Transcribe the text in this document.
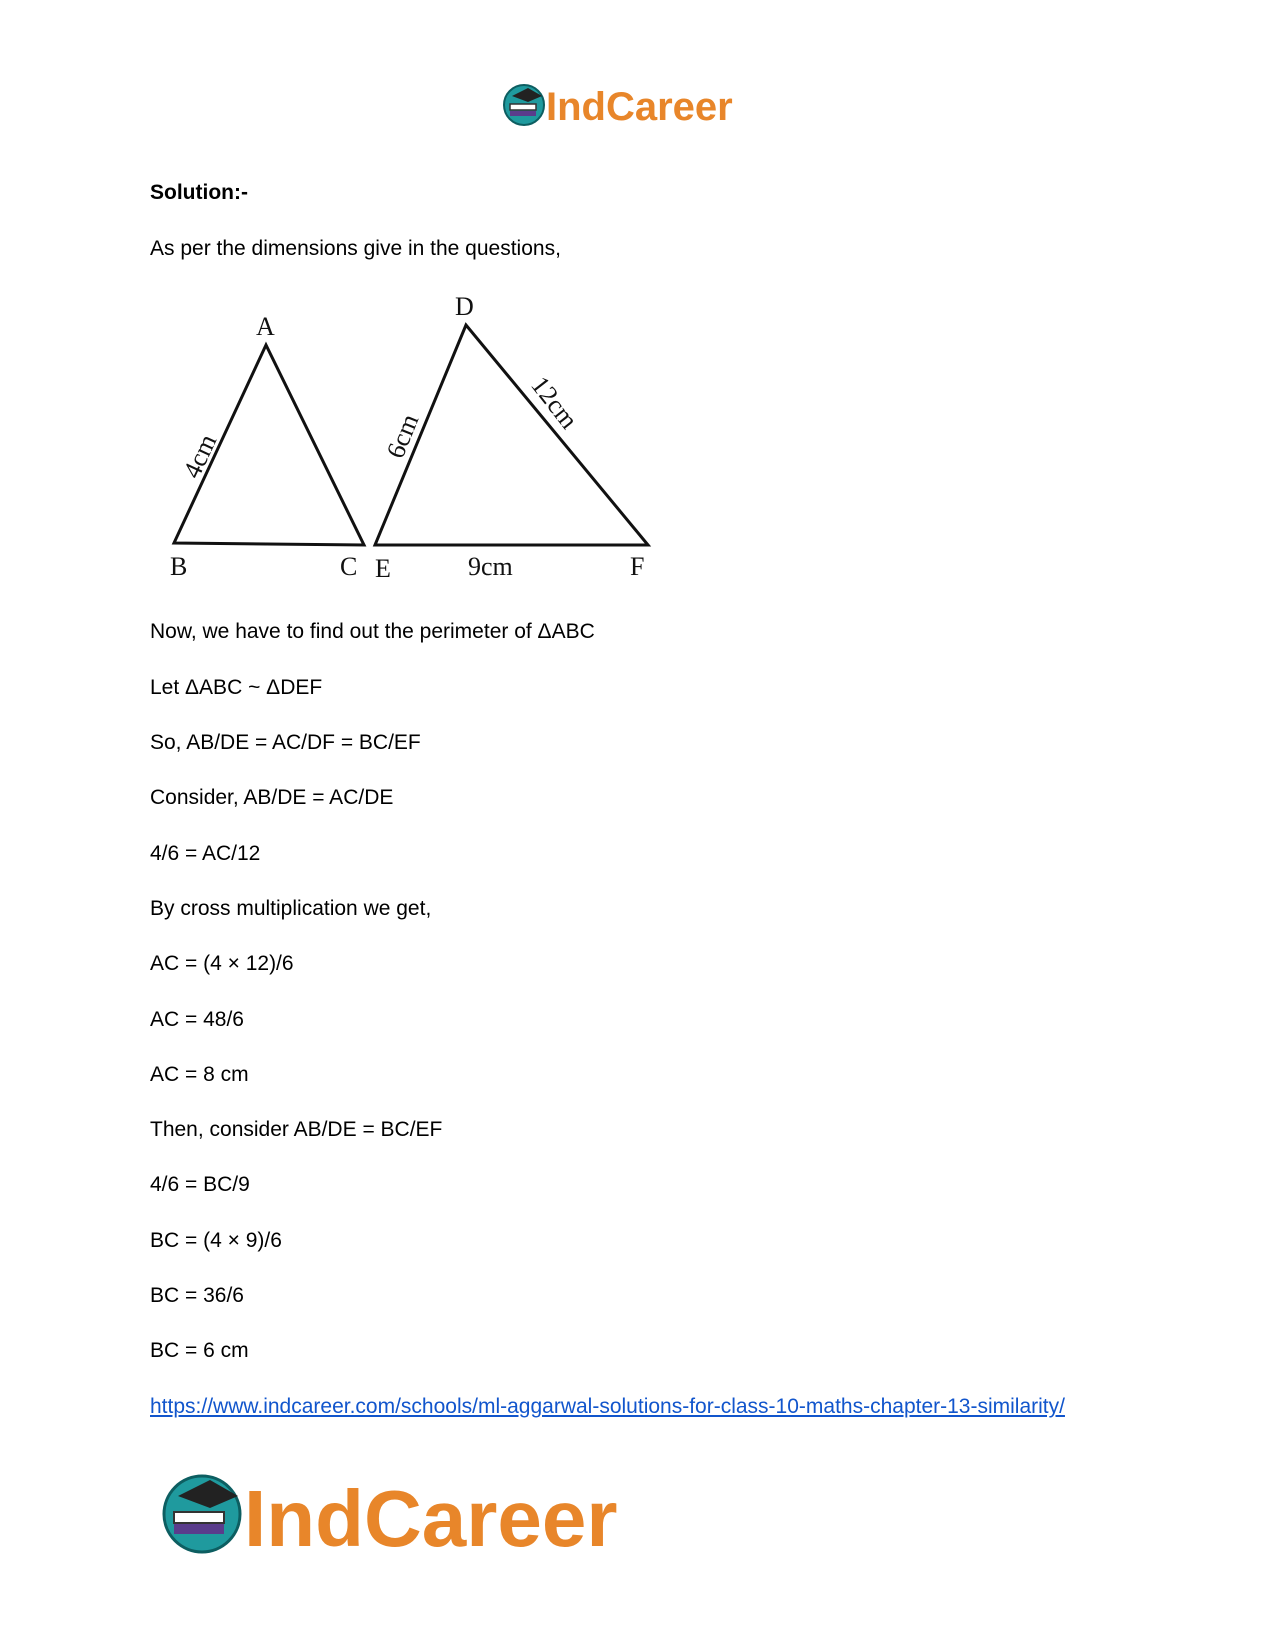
IndCareer
Solution:-
As per the dimensions give in the questions,
Now, we have to find out the perimeter of ΔABC
Let ΔABC ~ ΔDEF
So, AB/DE = AC/DF = BC/EF
Consider, AB/DE = AC/DE
4/6 = AC/12
By cross multiplication we get,
AC = (4 × 12)/6
AC = 48/6
AC = 8 cm
Then, consider AB/DE = BC/EF
4/6 = BC/9
BC = (4 × 9)/6
BC = 36/6
BC = 6 cm
A
B	C
4cm
D
E	F
6cm
12cm
9cm
https://www.indcareer.com/schools/ml-aggarwal-solutions-for-class-10-maths-chapter-13-similarity/
IndCareer
